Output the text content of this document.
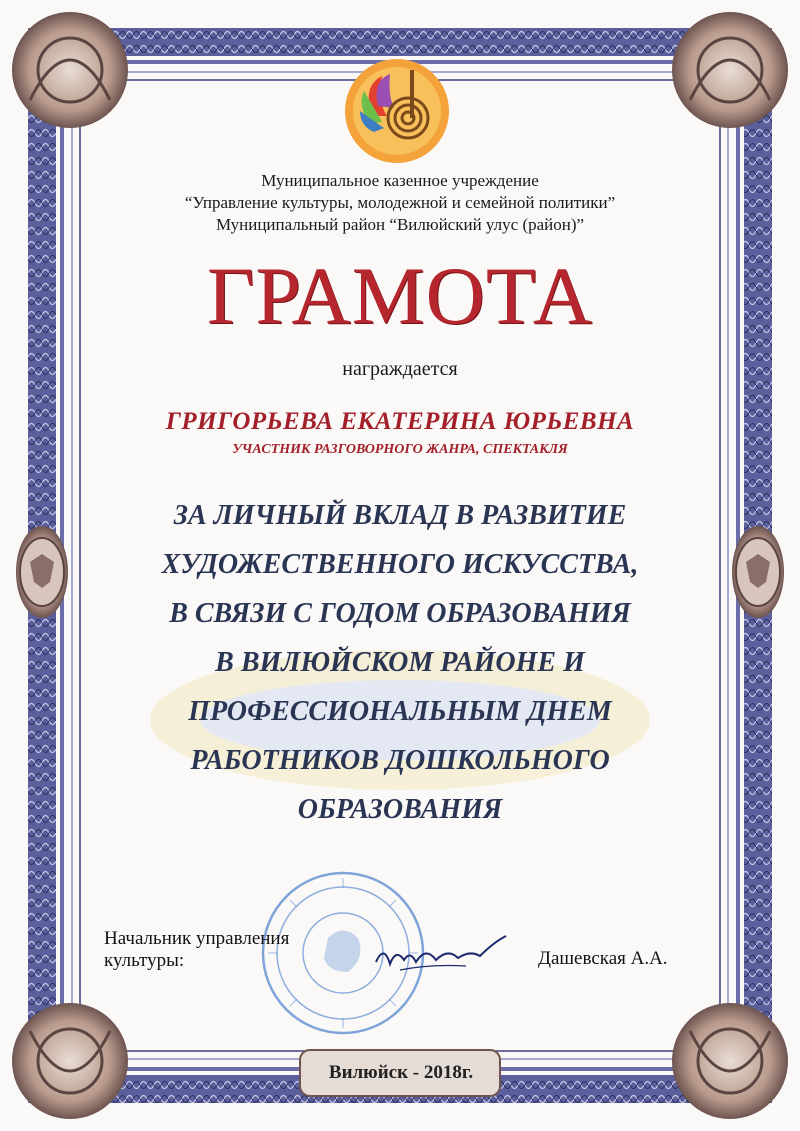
Муниципальное казенное учреждение
“Управление культуры, молодежной и семейной политики”
Муниципальный район “Вилюйский улус (район)”
ГРАМОТА
награждается
ГРИГОРЬЕВА ЕКАТЕРИНА ЮРЬЕВНА
УЧАСТНИК РАЗГОВОРНОГО ЖАНРА, СПЕКТАКЛЯ
ЗА ЛИЧНЫЙ ВКЛАД В РАЗВИТИЕ
ХУДОЖЕСТВЕННОГО ИСКУССТВА,
В СВЯЗИ С ГОДОМ ОБРАЗОВАНИЯ
В ВИЛЮЙСКОМ РАЙОНЕ И
ПРОФЕССИОНАЛЬНЫМ ДНЕМ
РАБОТНИКОВ ДОШКОЛЬНОГО
ОБРАЗОВАНИЯ
Начальник управления
культуры:	Дашевская А.А.
Вилюйск - 2018г.
